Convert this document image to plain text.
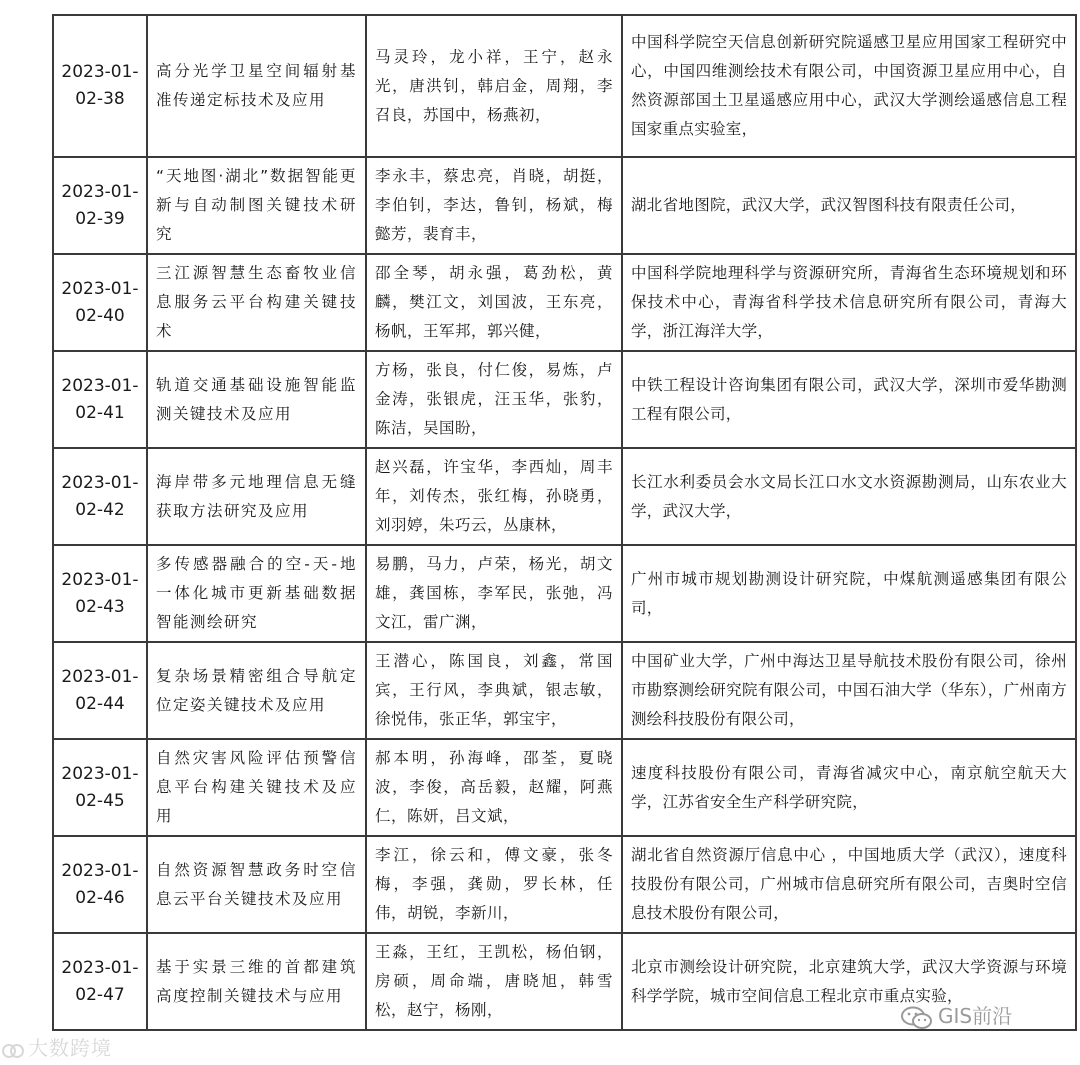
2023-01-02-38	高分光学卫星空间辐射基准传递定标技术及应用	马灵玲，龙小祥，王宁，赵永光，唐洪钊，韩启金，周翔，李召良，苏国中，杨燕初，	中国科学院空天信息创新研究院遥感卫星应用国家工程研究中心，中国四维测绘技术有限公司，中国资源卫星应用中心，自然资源部国土卫星遥感应用中心，武汉大学测绘遥感信息工程国家重点实验室，
2023-01-02-39	“天地图·湖北”数据智能更新与自动制图关键技术研究	李永丰，蔡忠亮，肖晓，胡挺，李伯钊，李达，鲁钊，杨斌，梅懿芳，裴育丰，	湖北省地图院，武汉大学，武汉智图科技有限责任公司，
2023-01-02-40	三江源智慧生态畜牧业信息服务云平台构建关键技术	邵全琴，胡永强，葛劲松，黄麟，樊江文，刘国波，王东亮，杨帆，王军邦，郭兴健，	中国科学院地理科学与资源研究所，青海省生态环境规划和环保技术中心，青海省科学技术信息研究所有限公司，青海大学，浙江海洋大学，
2023-01-02-41	轨道交通基础设施智能监测关键技术及应用	方杨，张良，付仁俊，易炼，卢金涛，张银虎，汪玉华，张豹，陈洁，吴国盼，	中铁工程设计咨询集团有限公司，武汉大学，深圳市爱华勘测工程有限公司，
2023-01-02-42	海岸带多元地理信息无缝获取方法研究及应用	赵兴磊，许宝华，李西灿，周丰年，刘传杰，张红梅，孙晓勇，刘羽婷，朱巧云，丛康林，	长江水利委员会水文局长江口水文水资源勘测局，山东农业大学，武汉大学，
2023-01-02-43	多传感器融合的空-天-地一体化城市更新基础数据智能测绘研究	易鹏，马力，卢荣，杨光，胡文雄，龚国栋，李军民，张弛，冯文江，雷广渊，	广州市城市规划勘测设计研究院，中煤航测遥感集团有限公司，
2023-01-02-44	复杂场景精密组合导航定位定姿关键技术及应用	王潜心，陈国良，刘鑫，常国宾，王行风，李典斌，银志敏，徐悦伟，张正华，郭宝宇，	中国矿业大学，广州中海达卫星导航技术股份有限公司，徐州市勘察测绘研究院有限公司，中国石油大学（华东），广州南方测绘科技股份有限公司，
2023-01-02-45	自然灾害风险评估预警信息平台构建关键技术及应用	郝本明，孙海峰，邵荃，夏晓波，李俊，高岳毅，赵耀，阿燕仁，陈妍，吕文斌，	速度科技股份有限公司，青海省减灾中心，南京航空航天大学，江苏省安全生产科学研究院，
2023-01-02-46	自然资源智慧政务时空信息云平台关键技术及应用	李江，徐云和，傅文豪，张冬梅，李强，龚勋，罗长林，任伟，胡锐，李新川，	湖北省自然资源厅信息中心 ，中国地质大学（武汉），速度科技股份有限公司，广州城市信息研究所有限公司，吉奥时空信息技术股份有限公司，
2023-01-02-47	基于实景三维的首都建筑高度控制关键技术与应用	王淼，王红，王凯松，杨伯钢，房硕，周命端，唐晓旭，韩雪松，赵宁，杨刚，	北京市测绘设计研究院，北京建筑大学，武汉大学资源与环境科学学院，城市空间信息工程北京市重点实验，
大数跨境
GIS前沿
